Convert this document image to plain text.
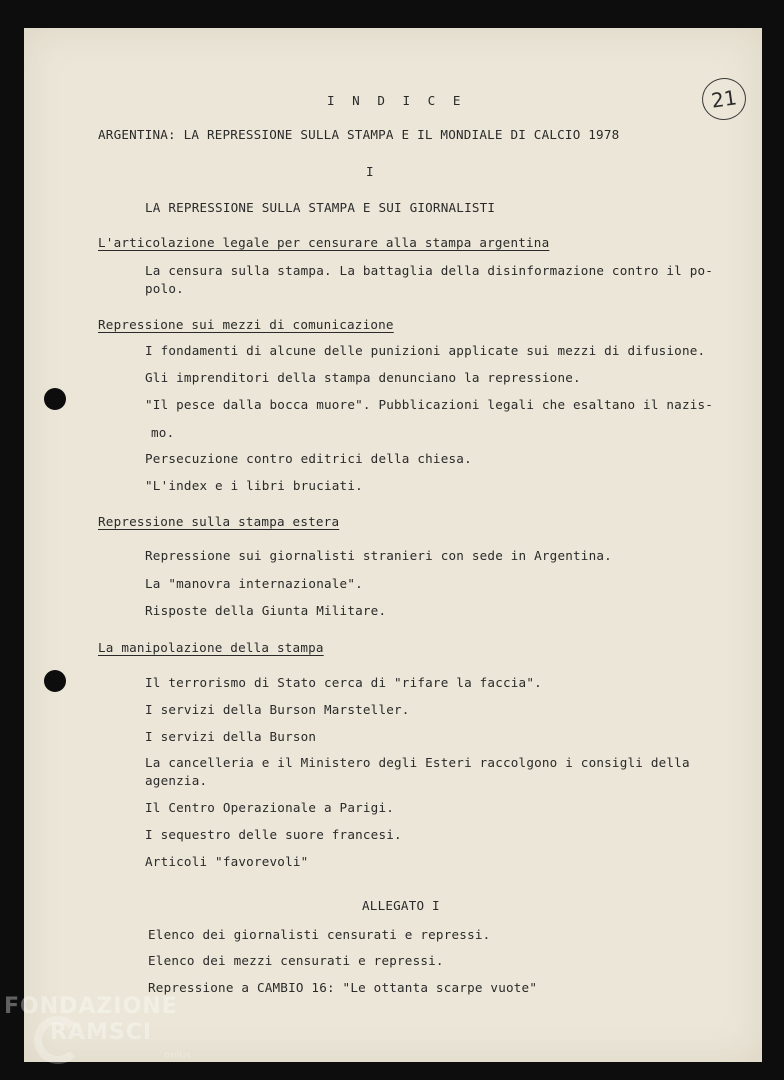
21

I N D I C E

ARGENTINA: LA REPRESSIONE SULLA STAMPA E IL MONDIALE DI CALCIO 1978

I

LA REPRESSIONE SULLA STAMPA E SUI GIORNALISTI

L'articolazione legale per censurare alla stampa argentina

La censura sulla stampa. La battaglia della disinformazione contro il po-

polo.

Repressione sui mezzi di comunicazione

I fondamenti di alcune delle punizioni applicate sui mezzi di difusione.

Gli imprenditori della stampa denunciano la repressione.

"Il pesce dalla bocca muore". Pubblicazioni legali che esaltano il nazis-

mo.

Persecuzione contro editrici della chiesa.

"L'index e i libri bruciati.

Repressione sulla stampa estera

Repressione sui giornalisti stranieri con sede in Argentina.

La "manovra internazionale".

Risposte della Giunta Militare.

La manipolazione della stampa

Il terrorismo di Stato cerca di "rifare la faccia".

I servizi della Burson Marsteller.

I servizi della Burson

La cancelleria e il Ministero degli Esteri raccolgono i consigli della

agenzia.

Il Centro Operazionale a Parigi.

I sequestro delle suore francesi.

Articoli "favorevoli"

ALLEGATO I

Elenco dei giornalisti censurati e repressi.

Elenco dei mezzi censurati e repressi.

Repressione a CAMBIO 16: "Le ottanta scarpe vuote"

FONDAZIONE
RAMSCI
onlus
